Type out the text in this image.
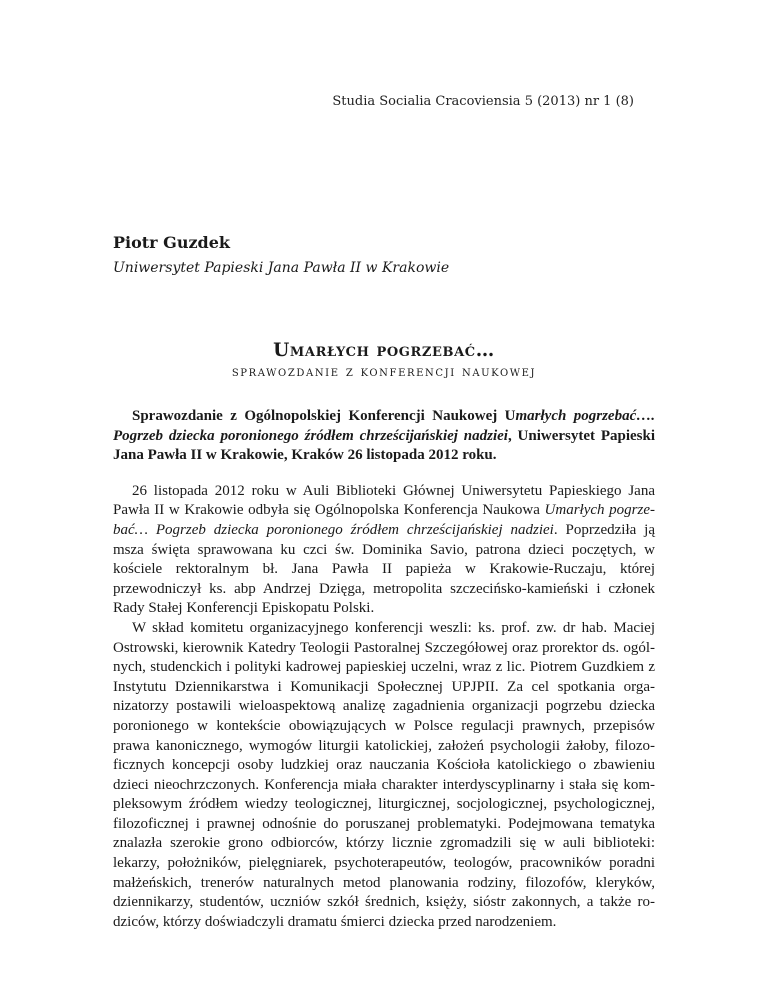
Studia Socialia Cracoviensia 5 (2013) nr 1 (8)
Piotr Guzdek
Uniwersytet Papieski Jana Pawła II w Krakowie
Umarłych pogrzebać…
sprawozdanie z konferencji naukowej

Sprawozdanie z Ogólnopolskiej Konferencji Naukowej Umarłych pogrzebać…. Pogrzeb dziecka poronionego źródłem chrześcijańskiej nadziei, Uniwersytet Papieski Jana Pawła II w Krakowie, Kraków 26 listopada 2012 roku.

26 listopada 2012 roku w Auli Biblioteki Głównej Uniwersytetu Papieskiego Jana Pawła II w Krakowie odbyła się Ogólnopolska Konferencja Naukowa Umarłych pogrzebać… Pogrzeb dziecka poronionego źródłem chrześcijańskiej nadziei. Poprzedziła ją msza święta sprawowana ku czci św. Dominika Savio, patrona dzieci poczętych, w kościele rektoralnym bł. Jana Pawła II papieża w Krakowie-Ruczaju, której przewodniczył ks. abp Andrzej Dzięga, metropolita szczecińsko-kamieński i członek Rady Stałej Konferencji Episkopatu Polski.

W skład komitetu organizacyjnego konferencji weszli: ks. prof. zw. dr hab. Maciej Ostrowski, kierownik Katedry Teologii Pastoralnej Szczegółowej oraz prorektor ds. ogólnych, studenckich i polityki kadrowej papieskiej uczelni, wraz z lic. Piotrem Guzdkiem z Instytutu Dziennikarstwa i Komunikacji Społecznej UPJPII. Za cel spotkania organizatorzy postawili wieloaspektową analizę zagadnienia organizacji pogrzebu dziecka poronionego w kontekście obowiązujących w Polsce regulacji prawnych, przepisów prawa kanonicznego, wymogów liturgii katolickiej, założeń psychologii żałoby, filozoficznych koncepcji osoby ludzkiej oraz nauczania Kościoła katolickiego o zbawieniu dzieci nieochrzczonych. Konferencja miała charakter interdyscyplinarny i stała się kompleksowym źródłem wiedzy teologicznej, liturgicznej, socjologicznej, psychologicznej, filozoficznej i prawnej odnośnie do poruszanej problematyki. Podejmowana tematyka znalazła szerokie grono odbiorców, którzy licznie zgromadzili się w auli biblioteki: lekarzy, położników, pielęgniarek, psychoterapeutów, teologów, pracowników poradni małżeńskich, trenerów naturalnych metod planowania rodziny, filozofów, kleryków, dziennikarzy, studentów, uczniów szkół średnich, księży, sióstr zakonnych, a także rodziców, którzy doświadczyli dramatu śmierci dziecka przed narodzeniem.
